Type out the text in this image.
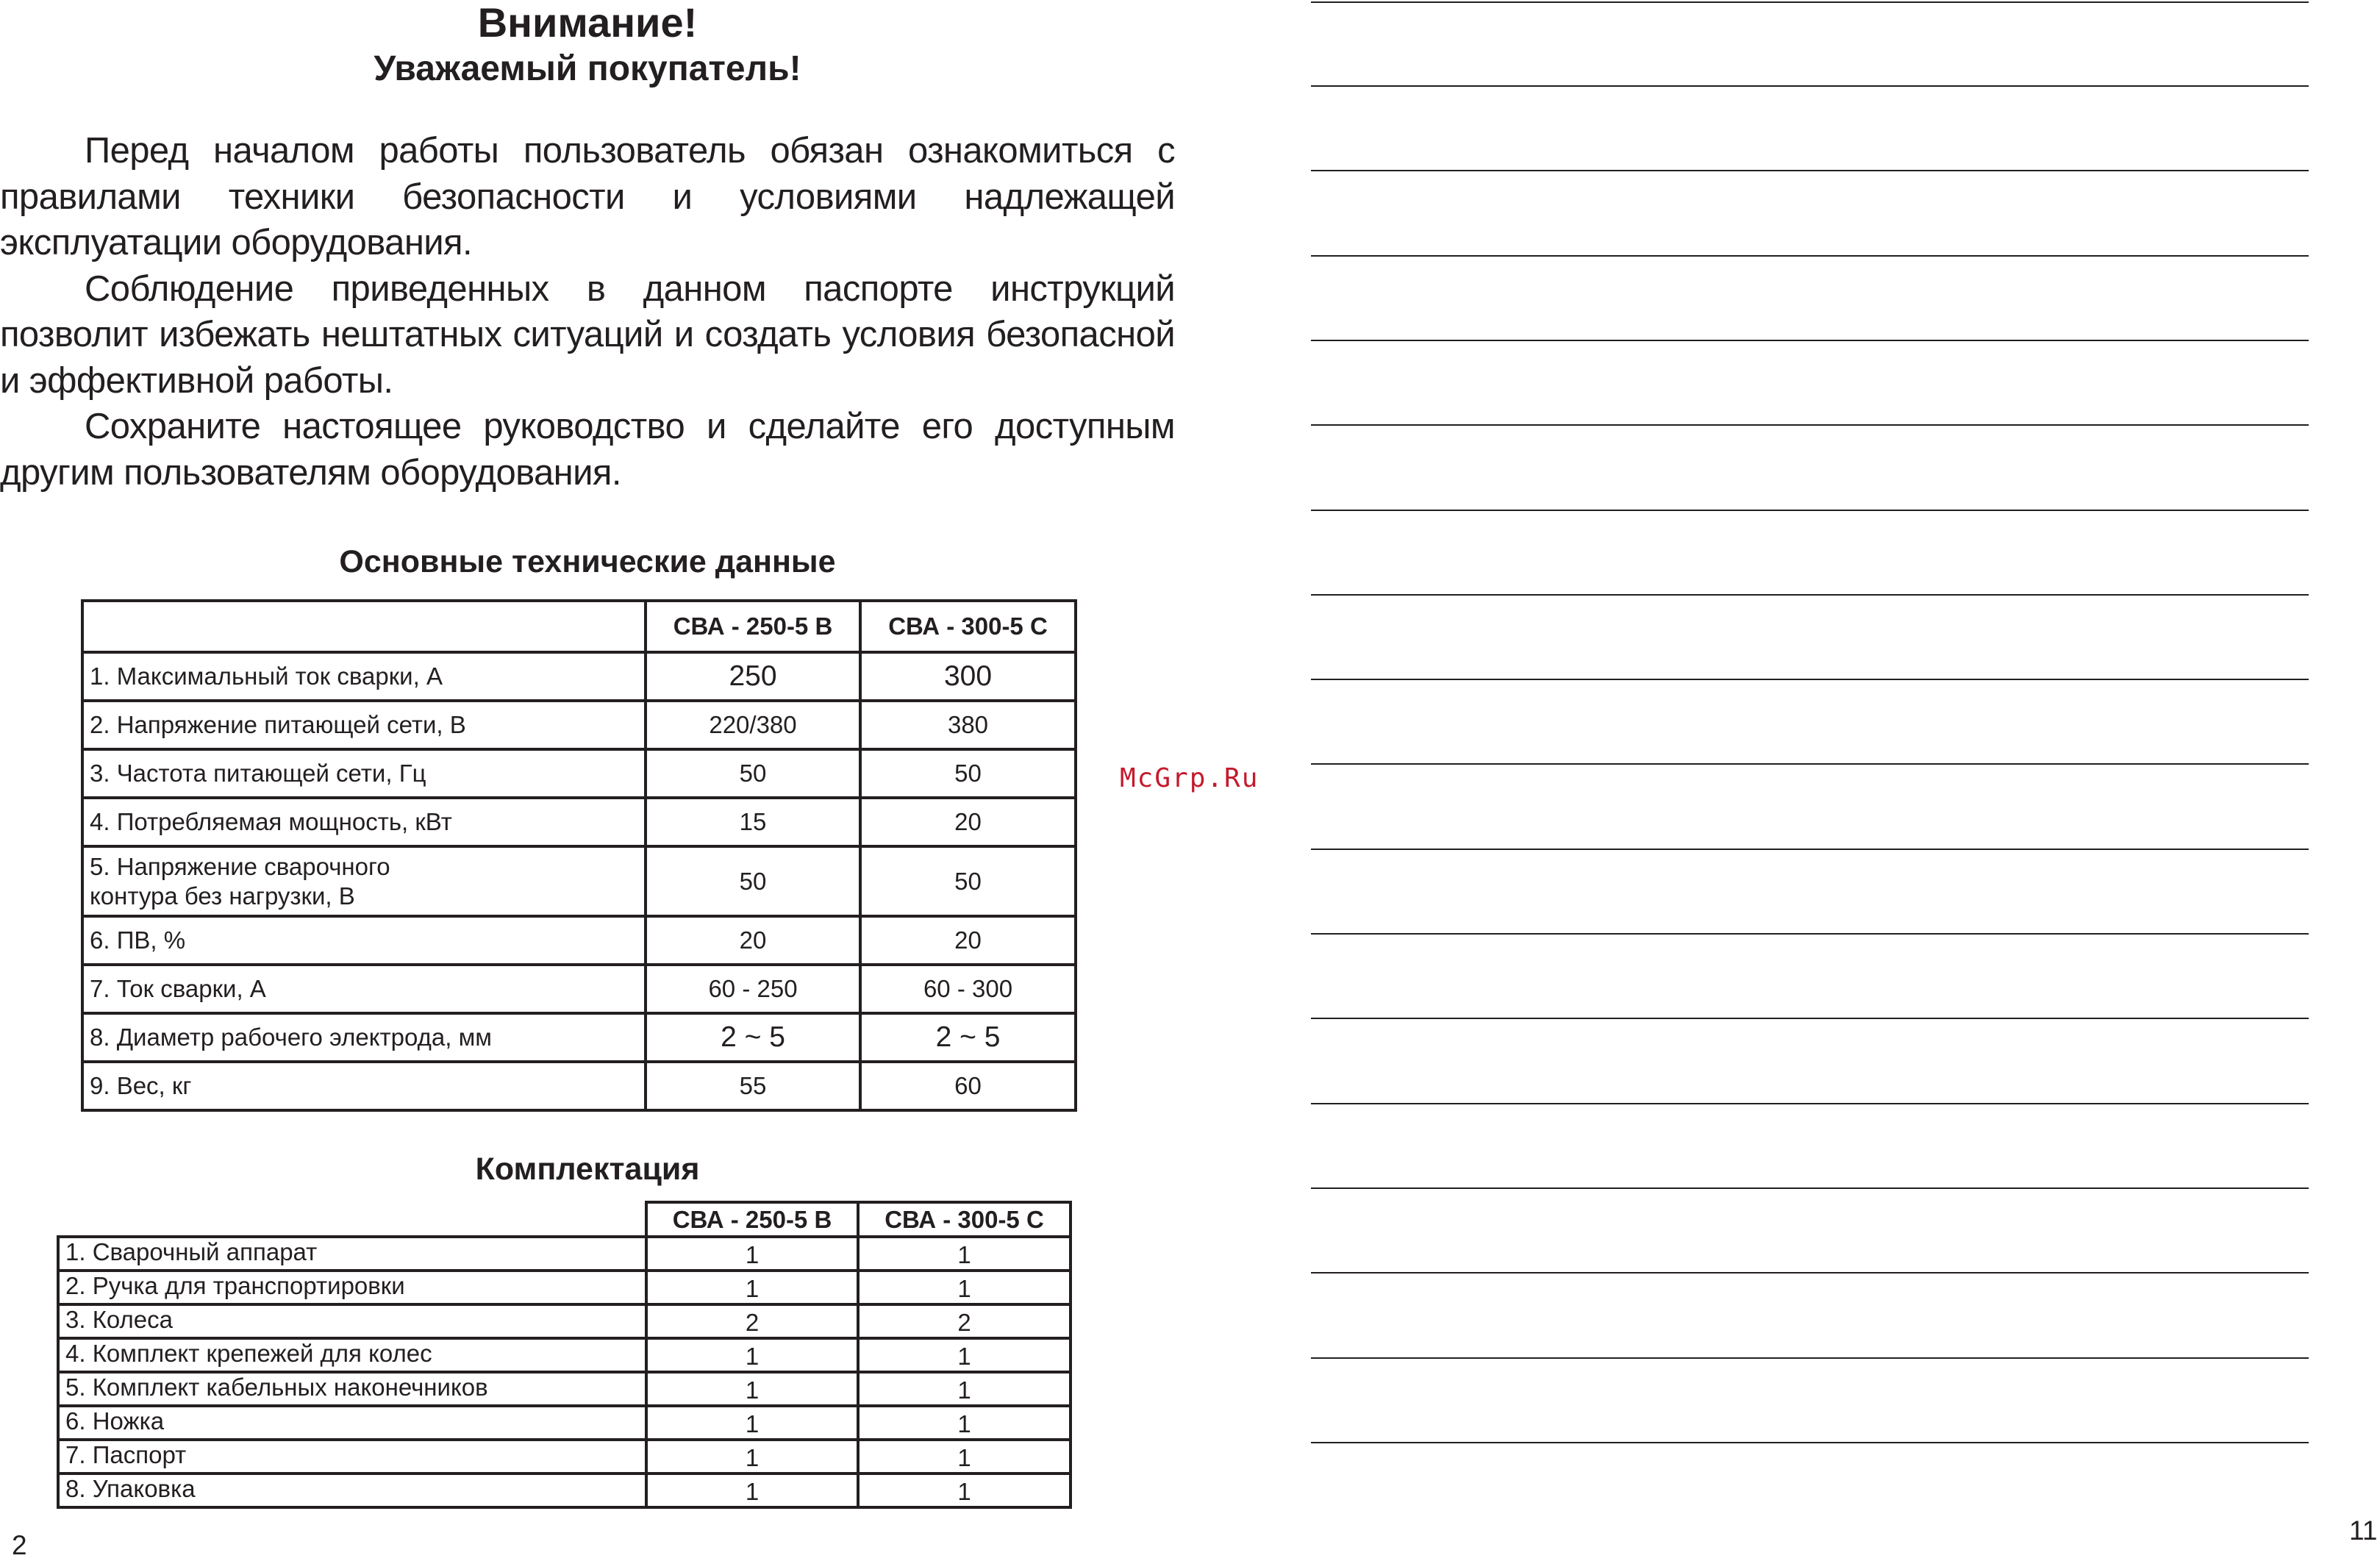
Внимание!
Уважаемый покупатель!

Перед началом работы пользователь обязан ознакомиться с правилами техники безопасности и условиями надлежащей эксплуатации оборудования.

Соблюдение приведенных в данном паспорте инструкций позволит избежать нештатных ситуаций и создать условия безопасной и эффективной работы.

Сохраните настоящее руководство и сделайте его доступным другим пользователям оборудования.

Основные технические данные
	СВА - 250-5 В	СВА - 300-5 С
1. Максимальный ток сварки, А	250	300
2. Напряжение питающей сети, В	220/380	380
3. Частота питающей сети, Гц	50	50
4. Потребляемая мощность, кВт	15	20
5. Напряжение сварочного контура без нагрузки, В	50	50
6. ПВ, %	20	20
7. Ток сварки, А	60 - 250	60 - 300
8. Диаметр рабочего электрода, мм	2 ~ 5	2 ~ 5
9. Вес, кг	55	60
Комплектация
	СВА - 250-5 В	СВА - 300-5 С
1. Сварочный аппарат	1	1
2. Ручка для транспортировки	1	1
3. Колеса	2	2
4. Комплект крепежей для колес	1	1
5. Комплект кабельных наконечников	1	1
6. Ножка	1	1
7. Паспорт	1	1
8. Упаковка	1	1
2
McGrp.Ru
11
